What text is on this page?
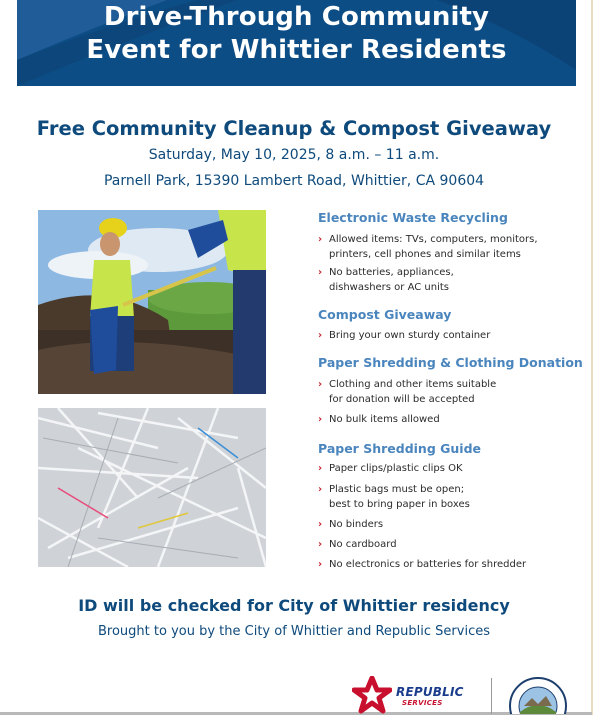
Drive-Through Community

Event for Whittier Residents

Free Community Cleanup & Compost Giveaway

Saturday, May 10, 2025, 8 a.m. – 11 a.m.

Parnell Park, 15390 Lambert Road, Whittier, CA 90604

Electronic Waste Recycling
› Allowed items: TVs, computers, monitors,
printers, cell phones and similar items
› No batteries, appliances,
dishwashers or AC units
Compost Giveaway
› Bring your own sturdy container
Paper Shredding & Clothing Donation
› Clothing and other items suitable
for donation will be accepted
› No bulk items allowed
Paper Shredding Guide
› Paper clips/plastic clips OK
› Plastic bags must be open;
best to bring paper in boxes
› No binders
› No cardboard
› No electronics or batteries for shredder

ID will be checked for City of Whittier residency

Brought to you by the City of Whittier and Republic Services

REPUBLIC
SERVICES
